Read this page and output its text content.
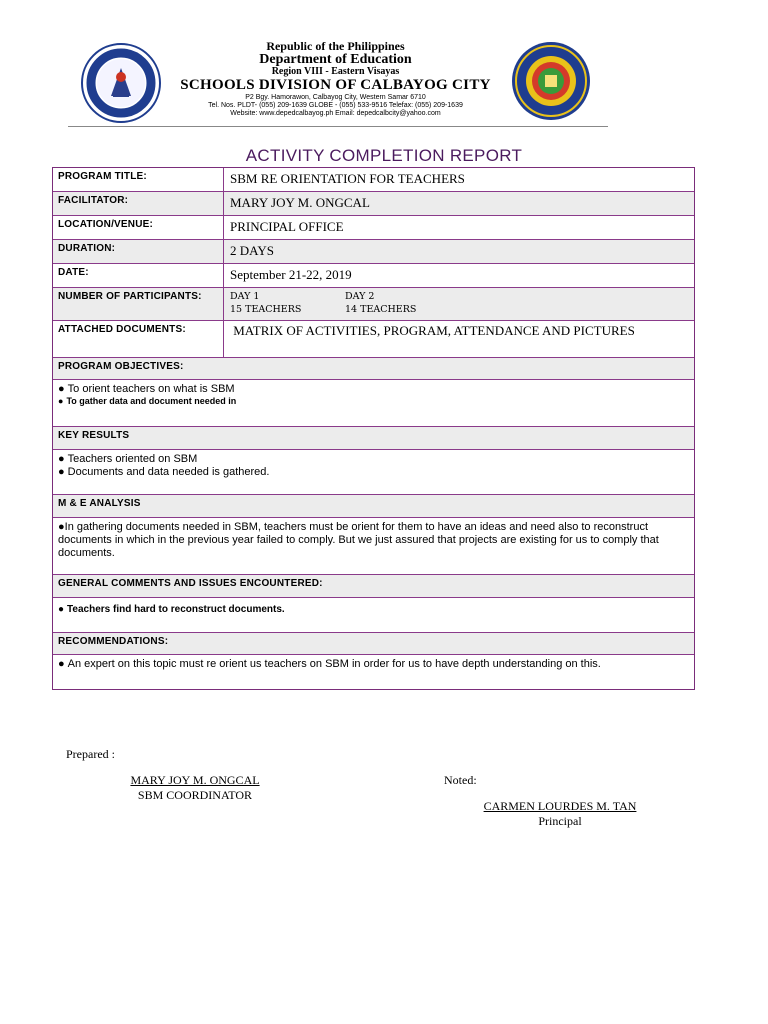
Republic of the Philippines
Department of Education
Region VIII - Eastern Visayas
SCHOOLS DIVISION OF CALBAYOG CITY
P2 Bgy. Hamorawon, Calbayog City, Western Samar 6710
Tel. Nos. PLDT- (055) 209-1639 GLOBE - (055) 533-9516 Telefax: (055) 209-1639
Website: www.depedcalbayog.ph Email: depedcalbcity@yahoo.com
ACTIVITY COMPLETION REPORT
PROGRAM TITLE:	SBM RE ORIENTATION FOR TEACHERS
FACILITATOR:	MARY JOY M. ONGCAL
LOCATION/VENUE:	PRINCIPAL OFFICE
DURATION:	2 DAYS
DATE:	September 21-22, 2019
NUMBER OF PARTICIPANTS:	DAY 1	DAY 2
15 TEACHERS	14 TEACHERS
ATTACHED DOCUMENTS:	MATRIX OF ACTIVITIES, PROGRAM, ATTENDANCE AND PICTURES
PROGRAM OBJECTIVES:
● To orient teachers on what is SBM
● To gather data and document needed in
KEY RESULTS
● Teachers oriented on SBM
● Documents and data needed is gathered.
M & E ANALYSIS
●In gathering documents needed in SBM, teachers must be orient for them to have an ideas and need also to reconstruct documents in which in the previous year failed to comply. But we just assured that projects are existing for us to comply that documents.
GENERAL COMMENTS AND ISSUES ENCOUNTERED:
● Teachers find hard to reconstruct documents.
RECOMMENDATIONS:
● An expert on this topic must re orient us teachers on SBM in order for us to have depth understanding on this.
Prepared :
MARY JOY M. ONGCAL
SBM COORDINATOR
Noted:
CARMEN LOURDES M. TAN
Principal
